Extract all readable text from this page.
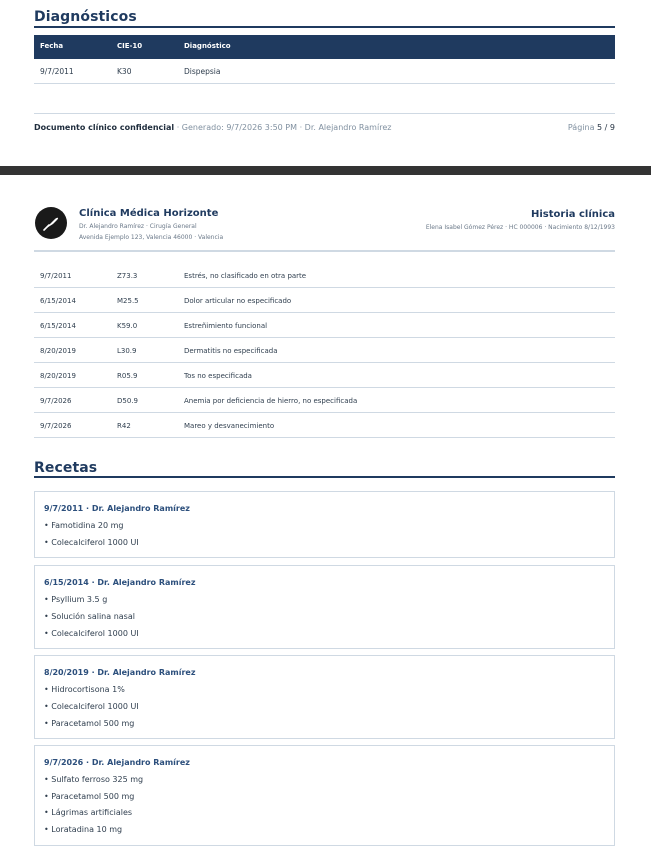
Diagnósticos
Fecha	CIE-10	Diagnóstico
9/7/2011	K30	Dispepsia
Documento clínico confidencial · Generado: 9/7/2026 3:50 PM · Dr. Alejandro Ramírez	Página 5 / 9
Clínica Médica Horizonte
Dr. Alejandro Ramírez · Cirugía General
Avenida Ejemplo 123, Valencia 46000 · Valencia
Historia clínica
Elena Isabel Gómez Pérez · HC 000006 · Nacimiento 8/12/1993
9/7/2011	Z73.3	Estrés, no clasificado en otra parte
6/15/2014	M25.5	Dolor articular no especificado
6/15/2014	K59.0	Estreñimiento funcional
8/20/2019	L30.9	Dermatitis no especificada
8/20/2019	R05.9	Tos no especificada
9/7/2026	D50.9	Anemia por deficiencia de hierro, no especificada
9/7/2026	R42	Mareo y desvanecimiento
Recetas
9/7/2011 · Dr. Alejandro Ramírez
• Famotidina 20 mg
• Colecalciferol 1000 UI
6/15/2014 · Dr. Alejandro Ramírez
• Psyllium 3.5 g
• Solución salina nasal
• Colecalciferol 1000 UI
8/20/2019 · Dr. Alejandro Ramírez
• Hidrocortisona 1%
• Colecalciferol 1000 UI
• Paracetamol 500 mg
9/7/2026 · Dr. Alejandro Ramírez
• Sulfato ferroso 325 mg
• Paracetamol 500 mg
• Lágrimas artificiales
• Loratadina 10 mg
